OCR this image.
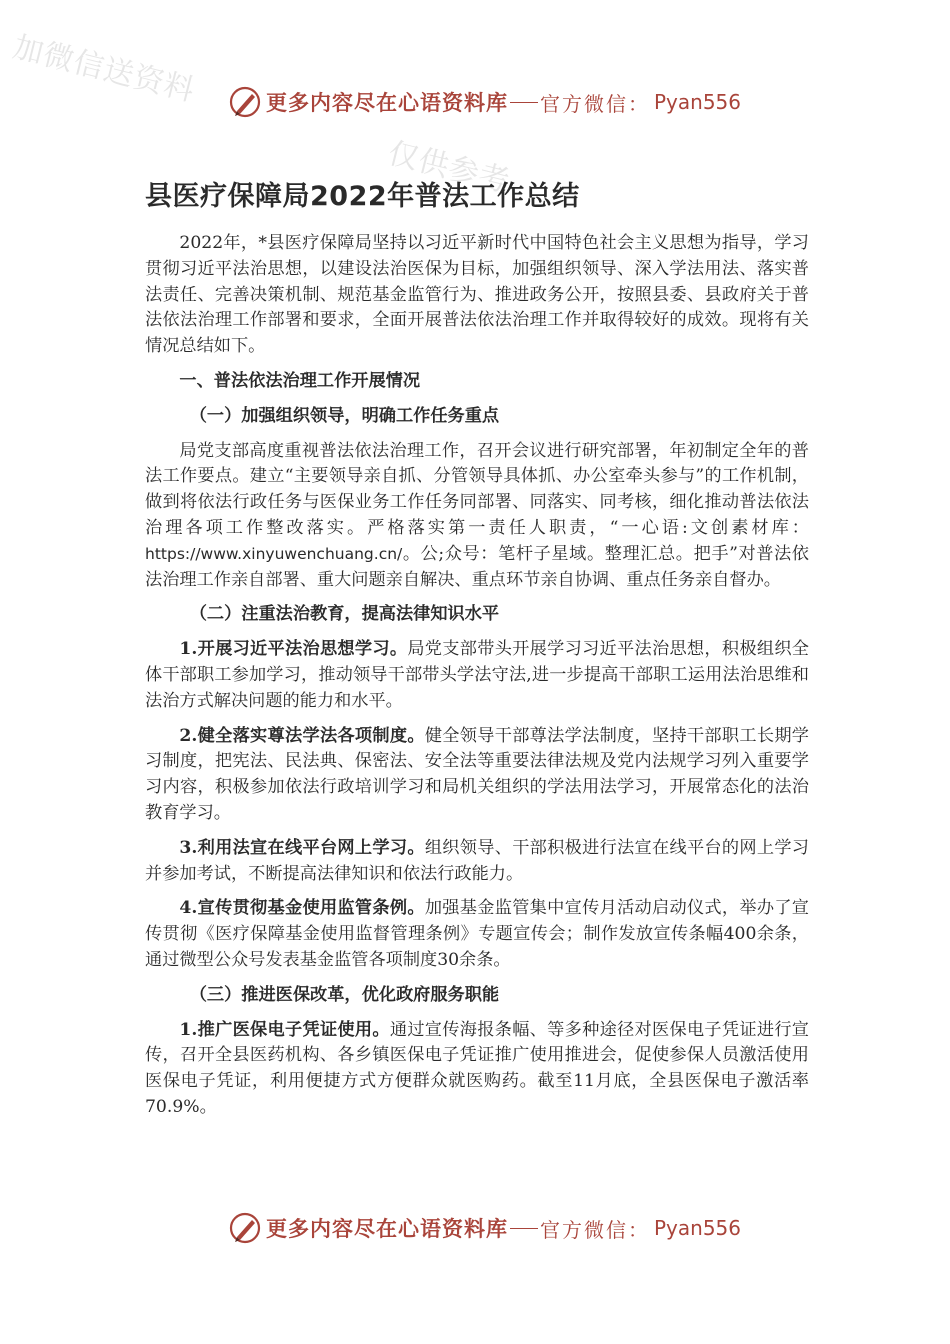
加微信送资料
仅供参考
更多内容尽在心语资料库 官方微信： Pyan556
县医疗保障局2022年普法工作总结

2022年，*县医疗保障局坚持以习近平新时代中国特色社会主义思想为指导，学习贯彻习近平法治思想，以建设法治医保为目标，加强组织领导、深入学法用法、落实普法责任、完善决策机制、规范基金监管行为、推进政务公开，按照县委、县政府关于普法依法治理工作部署和要求，全面开展普法依法治理工作并取得较好的成效。现将有关情况总结如下。

一、普法依法治理工作开展情况

（一）加强组织领导，明确工作任务重点

局党支部高度重视普法依法治理工作，召开会议进行研究部署，年初制定全年的普法工作要点。建立“主要领导亲自抓、分管领导具体抓、办公室牵头参与”的工作机制，做到将依法行政任务与医保业务工作任务同部署、同落实、同考核，细化推动普法依法治理各项工作整改落实。严格落实第一责任人职责，“一心语:文创素材库：https://www.xinyuwenchuang.cn/。公;众号：笔杆子星域。整理汇总。把手”对普法依法治理工作亲自部署、重大问题亲自解决、重点环节亲自协调、重点任务亲自督办。

（二）注重法治教育，提高法律知识水平

1.开展习近平法治思想学习。局党支部带头开展学习习近平法治思想，积极组织全体干部职工参加学习，推动领导干部带头学法守法,进一步提高干部职工运用法治思维和法治方式解决问题的能力和水平。

2.健全落实尊法学法各项制度。健全领导干部尊法学法制度，坚持干部职工长期学习制度，把宪法、民法典、保密法、安全法等重要法律法规及党内法规学习列入重要学习内容，积极参加依法行政培训学习和局机关组织的学法用法学习，开展常态化的法治教育学习。

3.利用法宣在线平台网上学习。组织领导、干部积极进行法宣在线平台的网上学习并参加考试，不断提高法律知识和依法行政能力。

4.宣传贯彻基金使用监管条例。加强基金监管集中宣传月活动启动仪式，举办了宣传贯彻《医疗保障基金使用监督管理条例》专题宣传会；制作发放宣传条幅400余条，通过微型公众号发表基金监管各项制度30余条。

（三）推进医保改革，优化政府服务职能

1.推广医保电子凭证使用。通过宣传海报条幅、等多种途径对医保电子凭证进行宣传，召开全县医药机构、各乡镇医保电子凭证推广使用推进会，促使参保人员激活使用医保电子凭证，利用便捷方式方便群众就医购药。截至11月底，全县医保电子激活率70.9%。

更多内容尽在心语资料库 官方微信： Pyan556
